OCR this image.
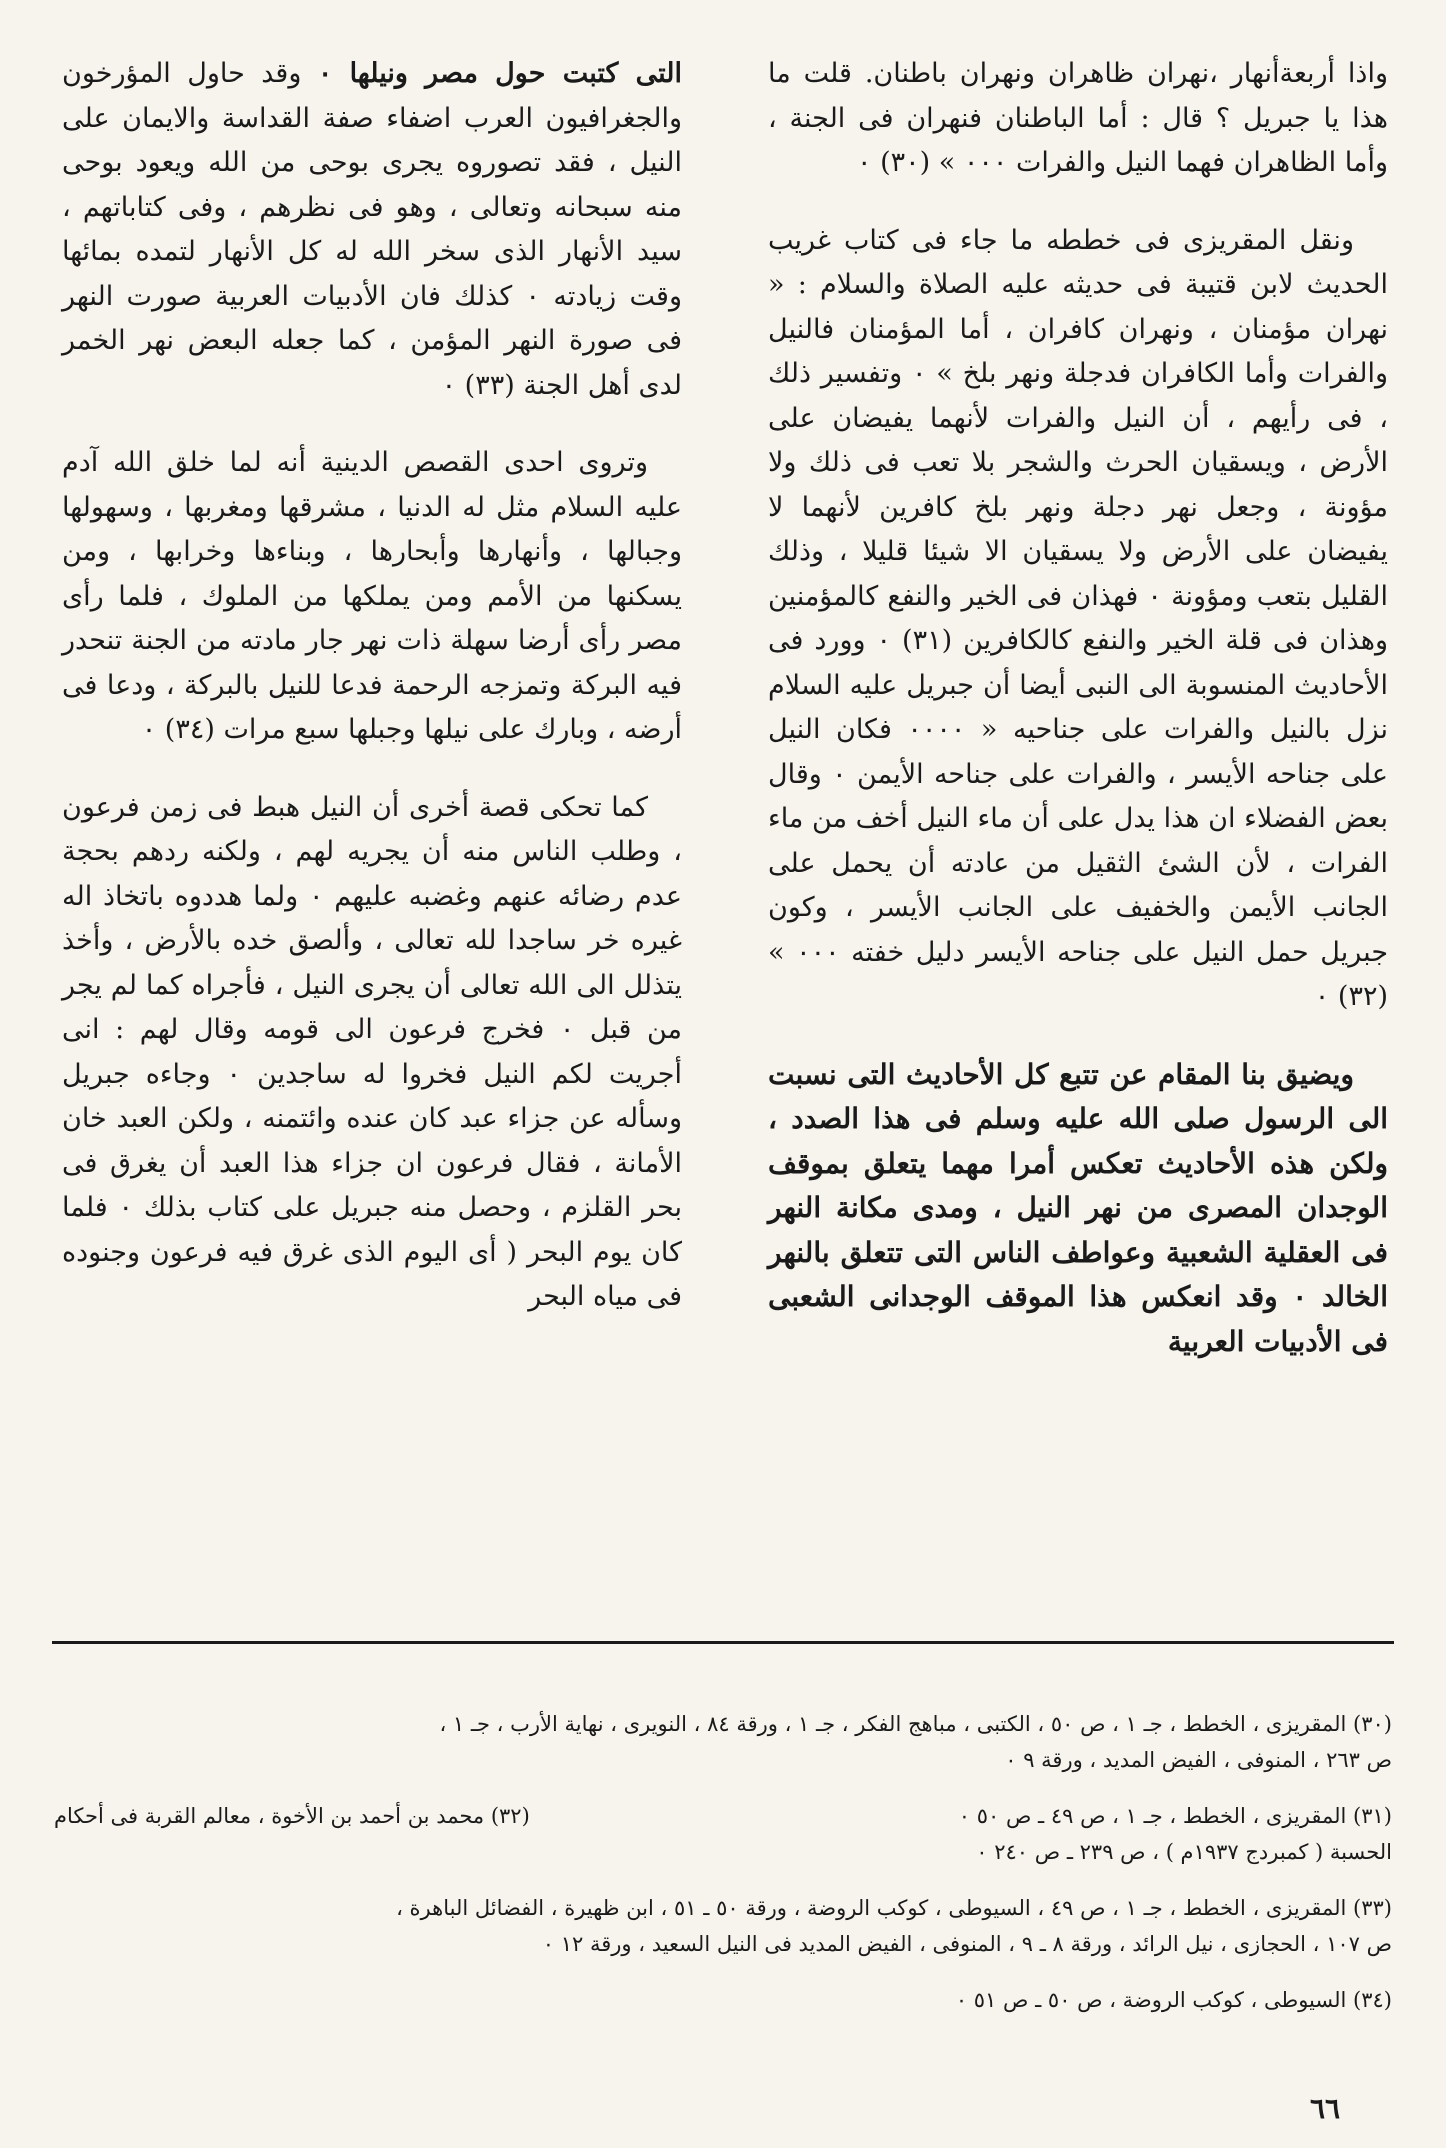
واذا أربعةأنهار ،نهران ظاهران ونهران باطنان. قلت ما هذا يا جبريل ؟ قال : أما الباطنان فنهران فى الجنة ، وأما الظاهران فهما النيل والفرات ٠٠٠ » (٣٠) ٠

ونقل المقريزى فى خططه ما جاء فى كتاب غريب الحديث لابن قتيبة فى حديثه عليه الصلاة والسلام : « نهران مؤمنان ، ونهران كافران ، أما المؤمنان فالنيل والفرات وأما الكافران فدجلة ونهر بلخ » ٠ وتفسير ذلك ، فى رأيهم ، أن النيل والفرات لأنهما يفيضان على الأرض ، ويسقيان الحرث والشجر بلا تعب فى ذلك ولا مؤونة ، وجعل نهر دجلة ونهر بلخ كافرين لأنهما لا يفيضان على الأرض ولا يسقيان الا شيئا قليلا ، وذلك القليل بتعب ومؤونة ٠ فهذان فى الخير والنفع كالمؤمنين وهذان فى قلة الخير والنفع كالكافرين (٣١) ٠ وورد فى الأحاديث المنسوبة الى النبى أيضا أن جبريل عليه السلام نزل بالنيل والفرات على جناحيه « ٠٠٠٠ فكان النيل على جناحه الأيسر ، والفرات على جناحه الأيمن ٠ وقال بعض الفضلاء ان هذا يدل على أن ماء النيل أخف من ماء الفرات ، لأن الشئ الثقيل من عادته أن يحمل على الجانب الأيمن والخفيف على الجانب الأيسر ، وكون جبريل حمل النيل على جناحه الأيسر دليل خفته ٠٠٠ » (٣٢) ٠

ويضيق بنا المقام عن تتبع كل الأحاديث التى نسبت الى الرسول صلى الله عليه وسلم فى هذا الصدد ، ولكن هذه الأحاديث تعكس أمرا مهما يتعلق بموقف الوجدان المصرى من نهر النيل ، ومدى مكانة النهر فى العقلية الشعبية وعواطف الناس التى تتعلق بالنهر الخالد ٠ وقد انعكس هذا الموقف الوجدانى الشعبى فى الأدبيات العربية

التى كتبت حول مصر ونيلها ٠ وقد حاول المؤرخون والجغرافيون العرب اضفاء صفة القداسة والايمان على النيل ، فقد تصوروه يجرى بوحى من الله ويعود بوحى منه سبحانه وتعالى ، وهو فى نظرهم ، وفى كتاباتهم ، سيد الأنهار الذى سخر الله له كل الأنهار لتمده بمائها وقت زيادته ٠ كذلك فان الأدبيات العربية صورت النهر فى صورة النهر المؤمن ، كما جعله البعض نهر الخمر لدى أهل الجنة (٣٣) ٠

وتروى احدى القصص الدينية أنه لما خلق الله آدم عليه السلام مثل له الدنيا ، مشرقها ومغربها ، وسهولها وجبالها ، وأنهارها وأبحارها ، وبناءها وخرابها ، ومن يسكنها من الأمم ومن يملكها من الملوك ، فلما رأى مصر رأى أرضا سهلة ذات نهر جار مادته من الجنة تنحدر فيه البركة وتمزجه الرحمة فدعا للنيل بالبركة ، ودعا فى أرضه ، وبارك على نيلها وجبلها سبع مرات (٣٤) ٠

كما تحكى قصة أخرى أن النيل هبط فى زمن فرعون ، وطلب الناس منه أن يجريه لهم ، ولكنه ردهم بحجة عدم رضائه عنهم وغضبه عليهم ٠ ولما هددوه باتخاذ اله غيره خر ساجدا لله تعالى ، وألصق خده بالأرض ، وأخذ يتذلل الى الله تعالى أن يجرى النيل ، فأجراه كما لم يجر من قبل ٠ فخرج فرعون الى قومه وقال لهم : انى أجريت لكم النيل فخروا له ساجدين ٠ وجاءه جبريل وسأله عن جزاء عبد كان عنده وائتمنه ، ولكن العبد خان الأمانة ، فقال فرعون ان جزاء هذا العبد أن يغرق فى بحر القلزم ، وحصل منه جبريل على كتاب بذلك ٠ فلما كان يوم البحر ( أى اليوم الذى غرق فيه فرعون وجنوده فى مياه البحر

(٣٠) المقريزى ، الخطط ، جـ ١ ، ص ٥٠ ، الكتبى ، مباهج الفكر ، جـ ١ ، ورقة ٨٤ ، النويرى ، نهاية الأرب ، جـ ١ ،
ص ٢٦٣ ، المنوفى ، الفيض المديد ، ورقة ٩ ٠
(٣١) المقريزى ، الخطط ، جـ ١ ، ص ٤٩ ـ ص ٥٠ ٠
(٣٢) محمد بن أحمد بن الأخوة ، معالم القربة فى أحكام
الحسبة ( كمبردج ١٩٣٧م ) ، ص ٢٣٩ ـ ص ٢٤٠ ٠
(٣٣) المقريزى ، الخطط ، جـ ١ ، ص ٤٩ ، السيوطى ، كوكب الروضة ، ورقة ٥٠ ـ ٥١ ، ابن ظهيرة ، الفضائل الباهرة ،
ص ١٠٧ ، الحجازى ، نيل الرائد ، ورقة ٨ ـ ٩ ، المنوفى ، الفيض المديد فى النيل السعيد ، ورقة ١٢ ٠
(٣٤) السيوطى ، كوكب الروضة ، ص ٥٠ ـ ص ٥١ ٠
٦٦
